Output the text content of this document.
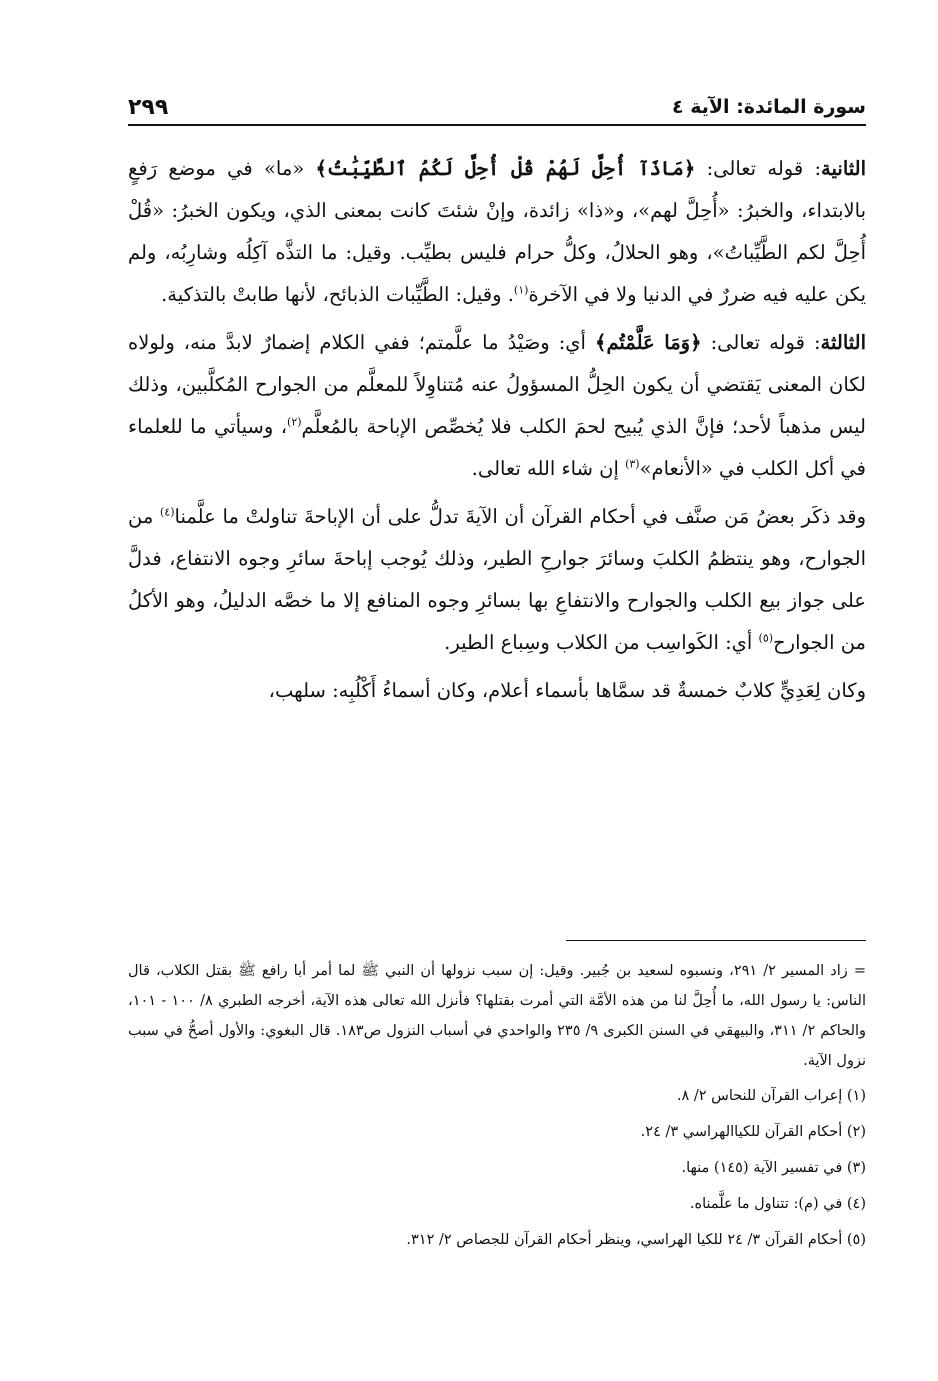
سورة المائدة: الآية ٤
٢٩٩

الثانية: قوله تعالى: ﴿مَاذَآ أُحِلَّ لَهُمْ قُلْ أُحِلَّ لَكُمُ ٱلطَّيِّبَٰتُ﴾ «ما» في موضع رَفعٍ بالابتداء، والخبرُ: «أُحِلَّ لهم»، و«ذا» زائدة، وإنْ شئتَ كانت بمعنى الذي، ويكون الخبرُ: «قُلْ أُحِلَّ لكم الطَّيِّباتُ»، وهو الحلالُ، وكلُّ حرام فليس بطيِّب. وقيل: ما التذَّه آكِلُه وشارِبُه، ولم يكن عليه فيه ضررٌ في الدنيا ولا في الآخرة$^{(١)}$. وقيل: الطَّيِّبات الذبائح، لأنها طابتْ بالتذكية.

الثالثة: قوله تعالى: ﴿وَمَا عَلَّمْتُم﴾ أي: وصَيْدُ ما علَّمتم؛ ففي الكلام إضمارٌ لابدَّ منه، ولولاه لكان المعنى يَقتضي أن يكون الحِلُّ المسؤولُ عنه مُتناوِلاً للمعلَّم من الجوارح المُكلَّبين، وذلك ليس مذهباً لأحد؛ فإنَّ الذي يُبيح لحمَ الكلب فلا يُخصِّص الإباحة بالمُعلَّم$^{(٢)}$، وسيأتي ما للعلماء في أكل الكلب في «الأنعام»$^{(٣)}$ إن شاء الله تعالى.

وقد ذكَر بعضُ مَن صنَّف في أحكام القرآن أن الآيةَ تدلُّ على أن الإباحةَ تناولتْ ما علَّمنا$^{(٤)}$ من الجوارح، وهو ينتظمُ الكلبَ وسائرَ جوارحِ الطير، وذلك يُوجب إباحةَ سائرِ وجوه الانتفاع، فدلَّ على جواز بيع الكلب والجوارح والانتفاعِ بها بسائرِ وجوه المنافع إلا ما خصَّه الدليلُ، وهو الأكلُ من الجوارح$^{(٥)}$ أي: الكَواسِب من الكلاب وسِباع الطير.

وكان لِعَدِيٍّ كلابٌ خمسةٌ قد سمَّاها بأسماء أعلام، وكان أسماءُ أَكْلُبِه: سلهب،

= زاد المسير ٢/ ٢٩١، ونسبوه لسعيد بن جُبير. وقيل: إن سبب نزولها أن النبي ﷺ لما أمر أبا رافع ﷺ بقتل الكلاب، قال الناس: يا رسول الله، ما أُحِلَّ لنا من هذه الأمَّة التي أمرت بقتلها؟ فأنزل الله تعالى هذه الآية، أخرجه الطبري ٨/ ١٠٠ - ١٠١، والحاكم ٢/ ٣١١، والبيهقي في السنن الكبرى ٩/ ٢٣٥ والواحدي في أسباب النزول ص١٨٣. قال البغوي: والأول أصحُّ في سبب نزول الآية.

(١) إعراب القرآن للنحاس ٢/ ٨.

(٢) أحكام القرآن للكياالهراسي ٣/ ٢٤.

(٣) في تفسير الآية (١٤٥) منها.

(٤) في (م): تتناول ما علَّمناه.

(٥) أحكام القرآن ٣/ ٢٤ للكيا الهراسي، وينظر أحكام القرآن للجصاص ٢/ ٣١٢.
